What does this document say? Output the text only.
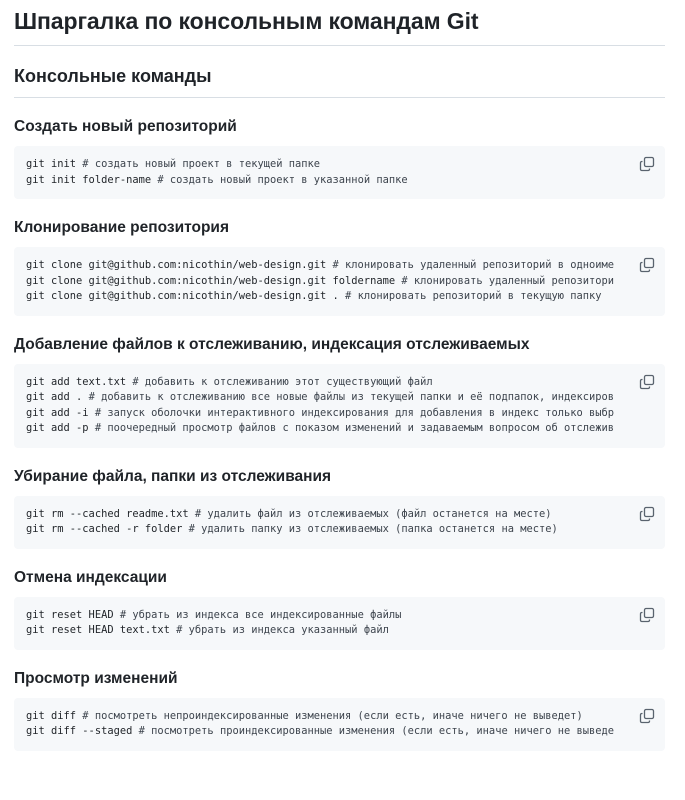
Шпаргалка по консольным командам Git
Консольные команды
Создать новый репозиторий
git init # создать новый проект в текущей папке
git init folder-name # создать новый проект в указанной папке
Клонирование репозитория
git clone git@github.com:nicothin/web-design.git # клонировать удаленный репозиторий в одноиме
git clone git@github.com:nicothin/web-design.git foldername # клонировать удаленный репозитори
git clone git@github.com:nicothin/web-design.git . # клонировать репозиторий в текущую папку
Добавление файлов к отслеживанию, индексация отслеживаемых
git add text.txt # добавить к отслеживанию этот существующий файл
git add . # добавить к отслеживанию все новые файлы из текущей папки и её подпапок, индексиров
git add -i # запуск оболочки интерактивного индексирования для добавления в индекс только выбр
git add -p # поочередный просмотр файлов с показом изменений и задаваемым вопросом об отслежив
Убирание файла, папки из отслеживания
git rm --cached readme.txt # удалить файл из отслеживаемых (файл останется на месте)
git rm --cached -r folder # удалить папку из отслеживаемых (папка останется на месте)
Отмена индексации
git reset HEAD # убрать из индекса все индексированные файлы
git reset HEAD text.txt # убрать из индекса указанный файл
Просмотр изменений
git diff # посмотреть непроиндексированные изменения (если есть, иначе ничего не выведет)
git diff --staged # посмотреть проиндексированные изменения (если есть, иначе ничего не выведе
